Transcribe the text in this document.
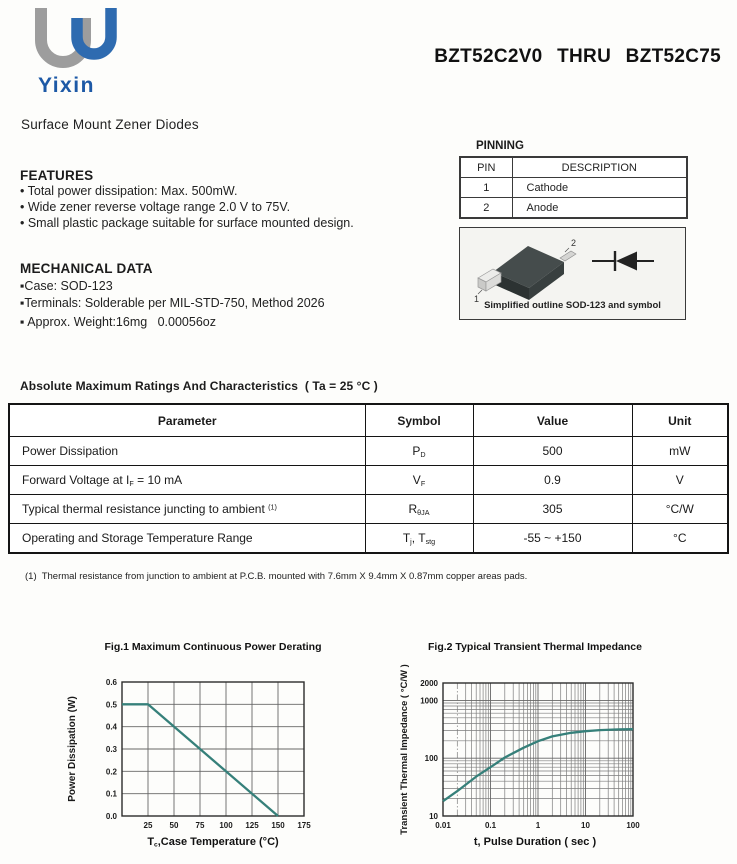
Yixin
BZT52C2V0 THRU BZT52C75
Surface Mount Zener Diodes
FEATURES
• Total power dissipation: Max. 500mW.
• Wide zener reverse voltage range 2.0 V to 75V.
• Small plastic package suitable for surface mounted design.
MECHANICAL DATA
▪Case: SOD-123
▪Terminals: Solderable per MIL-STD-750, Method 2026
▪ Approx. Weight:16mg   0.00056oz
PINNING
PIN	DESCRIPTION
1	Cathode
2	Anode
2
1
Simplified outline SOD-123 and symbol
Absolute Maximum Ratings And Characteristics  ( Ta = 25 °C )
Parameter	Symbol	Value	Unit
Power Dissipation	$P_D$	500	mW
Forward Voltage at $I_F = 10$ mA	$V_F$	0.9	V
Typical thermal resistance juncting to ambient $^{(1)}$	$R_{\theta JA}$	305	°C/W
Operating and Storage Temperature Range	$T_j$, $T_{stg}$	-55 ~ +150	°C
(1)  Thermal resistance from junction to ambient at P.C.B. mounted with 7.6mm X 9.4mm X 0.87mm copper areas pads.
Fig.1 Maximum Continuous Power Derating
25 50 75 100 125 150 175
0.0
0.1
0.2
0.3
0.4
0.5
0.6
Power Dissipation (W)
$T_c,Case$ Temperature (°C)
Fig.2 Typical Transient Thermal Impedance
0.01	0.1	1	10	100
10
100
1000
2000
Transient Thermal Impedance ( °C/W )
t, Pulse Duration ( sec )
